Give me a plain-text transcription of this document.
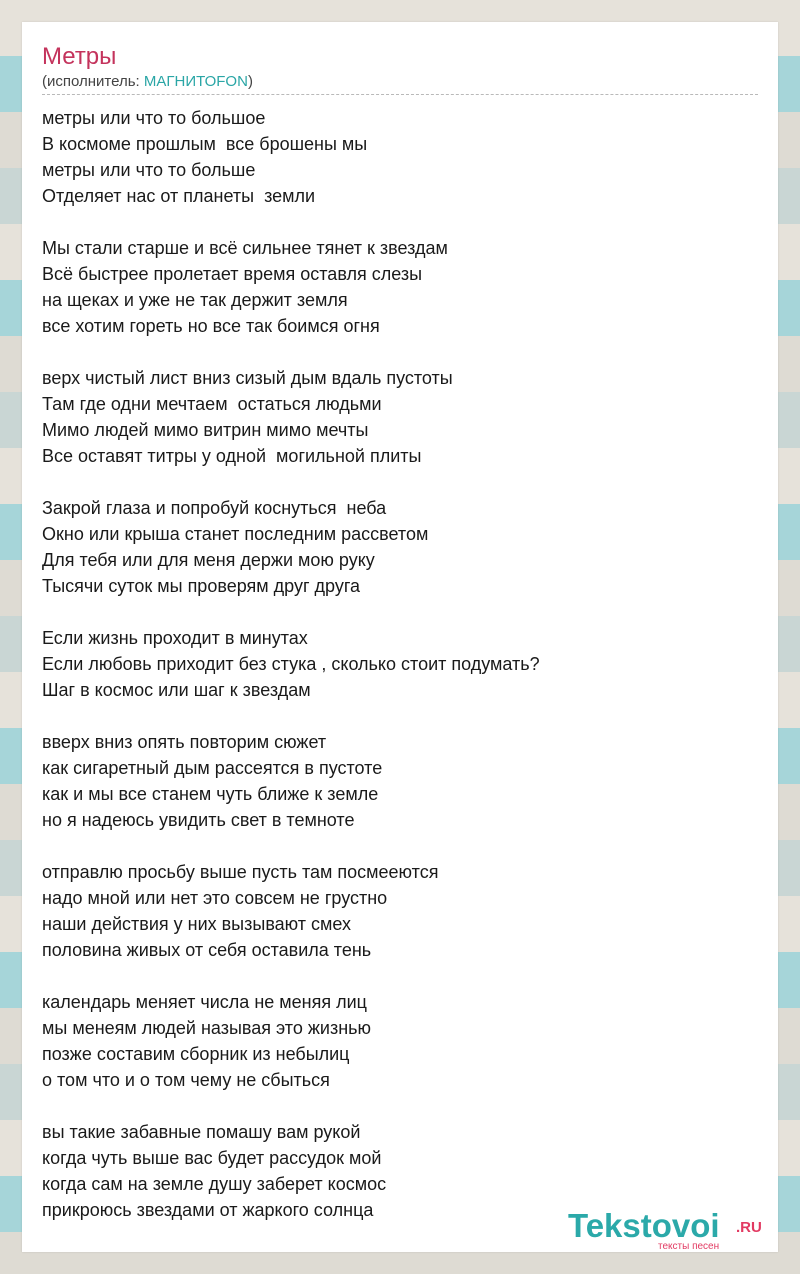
Метры
(исполнитель: МАГНИТОFON)
метры или что то большое
В космоме прошлым  все брошены мы
метры или что то больше
Отделяет нас от планеты  земли
Мы стали старше и всё сильнее тянет к звездам
Всё быстрее пролетает время оставля слезы
на щеках и уже не так держит земля
все хотим гореть но все так боимся огня
верх чистый лист вниз сизый дым вдаль пустоты
Там где одни мечтаем  остаться людьми
Мимо людей мимо витрин мимо мечты
Все оставят титры у одной  могильной плиты
Закрой глаза и попробуй коснуться  неба
Окно или крыша станет последним рассветом
Для тебя или для меня держи мою руку
Тысячи суток мы проверям друг друга
Если жизнь проходит в минутах
Если любовь приходит без стука , сколько стоит подумать?
Шаг в космос или шаг к звездам
вверх вниз опять повторим сюжет
как сигаретный дым рассеятся в пустоте
как и мы все станем чуть ближе к земле
но я надеюсь увидить свет в темноте
отправлю просьбу выше пусть там посмееются
надо мной или нет это совсем не грустно
наши действия у них вызывают смех
половина живых от себя оставила тень
календарь меняет числа не меняя лиц
мы менеям людей называя это жизнью
позже составим сборник из небылиц
о том что и о том чему не сбыться
вы такие забавные помашу вам рукой
когда чуть выше вас будет рассудок мой
когда сам на земле душу заберет космос
прикроюсь звездами от жаркого солнца	Tekstovoi .RU
тексты песен
